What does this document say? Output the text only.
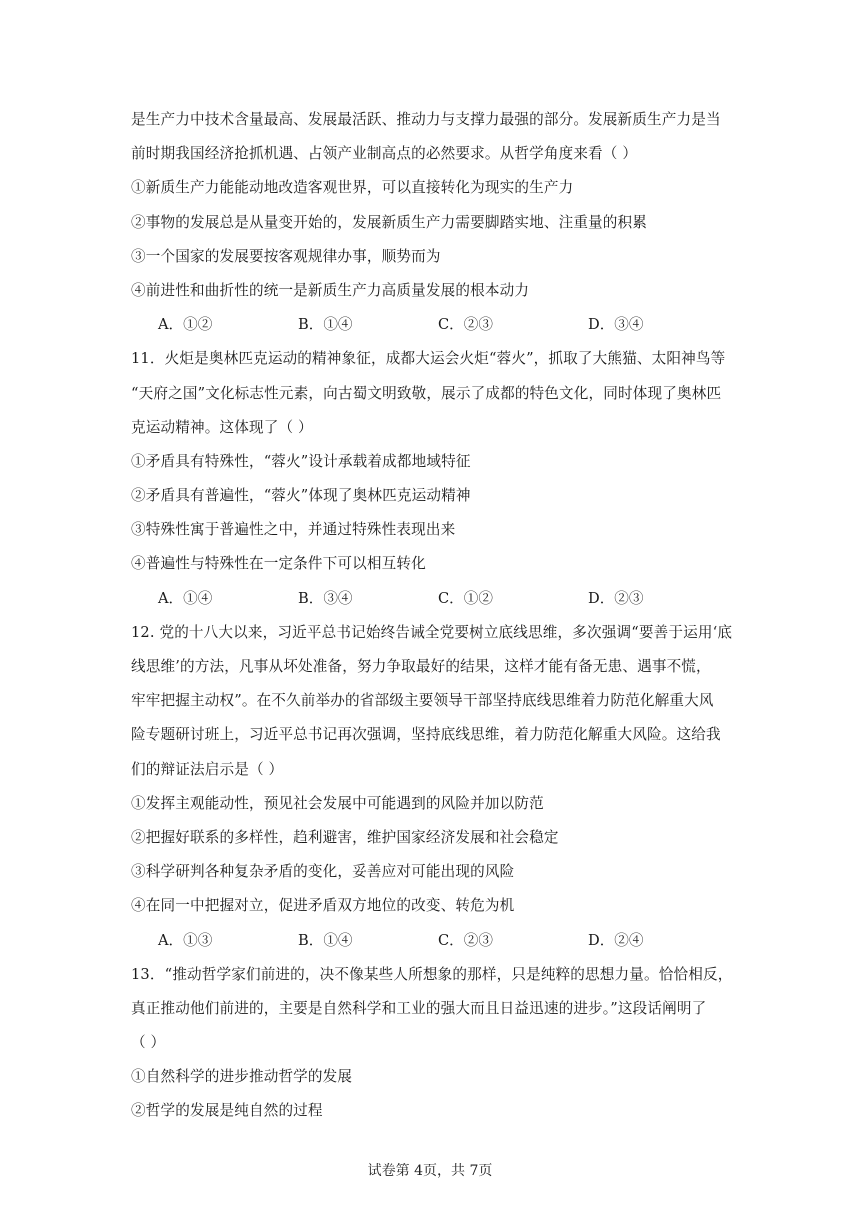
是生产力中技术含量最高、发展最活跃、推动力与支撑力最强的部分。发展新质生产力是当
前时期我国经济抢抓机遇、占领产业制高点的必然要求。从哲学角度来看（ ）
①新质生产力能能动地改造客观世界，可以直接转化为现实的生产力
②事物的发展总是从量变开始的，发展新质生产力需要脚踏实地、注重量的积累
③一个国家的发展要按客观规律办事，顺势而为
④前进性和曲折性的统一是新质生产力高质量发展的根本动力
A．①②	B．①④	C．②③	D．③④
11．火炬是奥林匹克运动的精神象征，成都大运会火炬“蓉火”，抓取了大熊猫、太阳神鸟等
“天府之国”文化标志性元素，向古蜀文明致敬，展示了成都的特色文化，同时体现了奥林匹
克运动精神。这体现了（ ）
①矛盾具有特殊性，“蓉火”设计承载着成都地域特征
②矛盾具有普遍性，“蓉火”体现了奥林匹克运动精神
③特殊性寓于普遍性之中，并通过特殊性表现出来
④普遍性与特殊性在一定条件下可以相互转化
A．①④	B．③④	C．①②	D．②③
12. 党的十八大以来，习近平总书记始终告诫全党要树立底线思维，多次强调“要善于运用‘底
线思维’的方法，凡事从坏处准备，努力争取最好的结果，这样才能有备无患、遇事不慌，
牢牢把握主动权”。在不久前举办的省部级主要领导干部坚持底线思维着力防范化解重大风
险专题研讨班上，习近平总书记再次强调，坚持底线思维，着力防范化解重大风险。这给我
们的辩证法启示是（ ）
①发挥主观能动性，预见社会发展中可能遇到的风险并加以防范
②把握好联系的多样性，趋利避害，维护国家经济发展和社会稳定
③科学研判各种复杂矛盾的变化，妥善应对可能出现的风险
④在同一中把握对立，促进矛盾双方地位的改变、转危为机
A．①③	B．①④	C．②③	D．②④
13．“推动哲学家们前进的，决不像某些人所想象的那样，只是纯粹的思想力量。恰恰相反，
真正推动他们前进的，主要是自然科学和工业的强大而且日益迅速的进步。”这段话阐明了
（ ）
①自然科学的进步推动哲学的发展
②哲学的发展是纯自然的过程
试卷第 4页，共 7页
